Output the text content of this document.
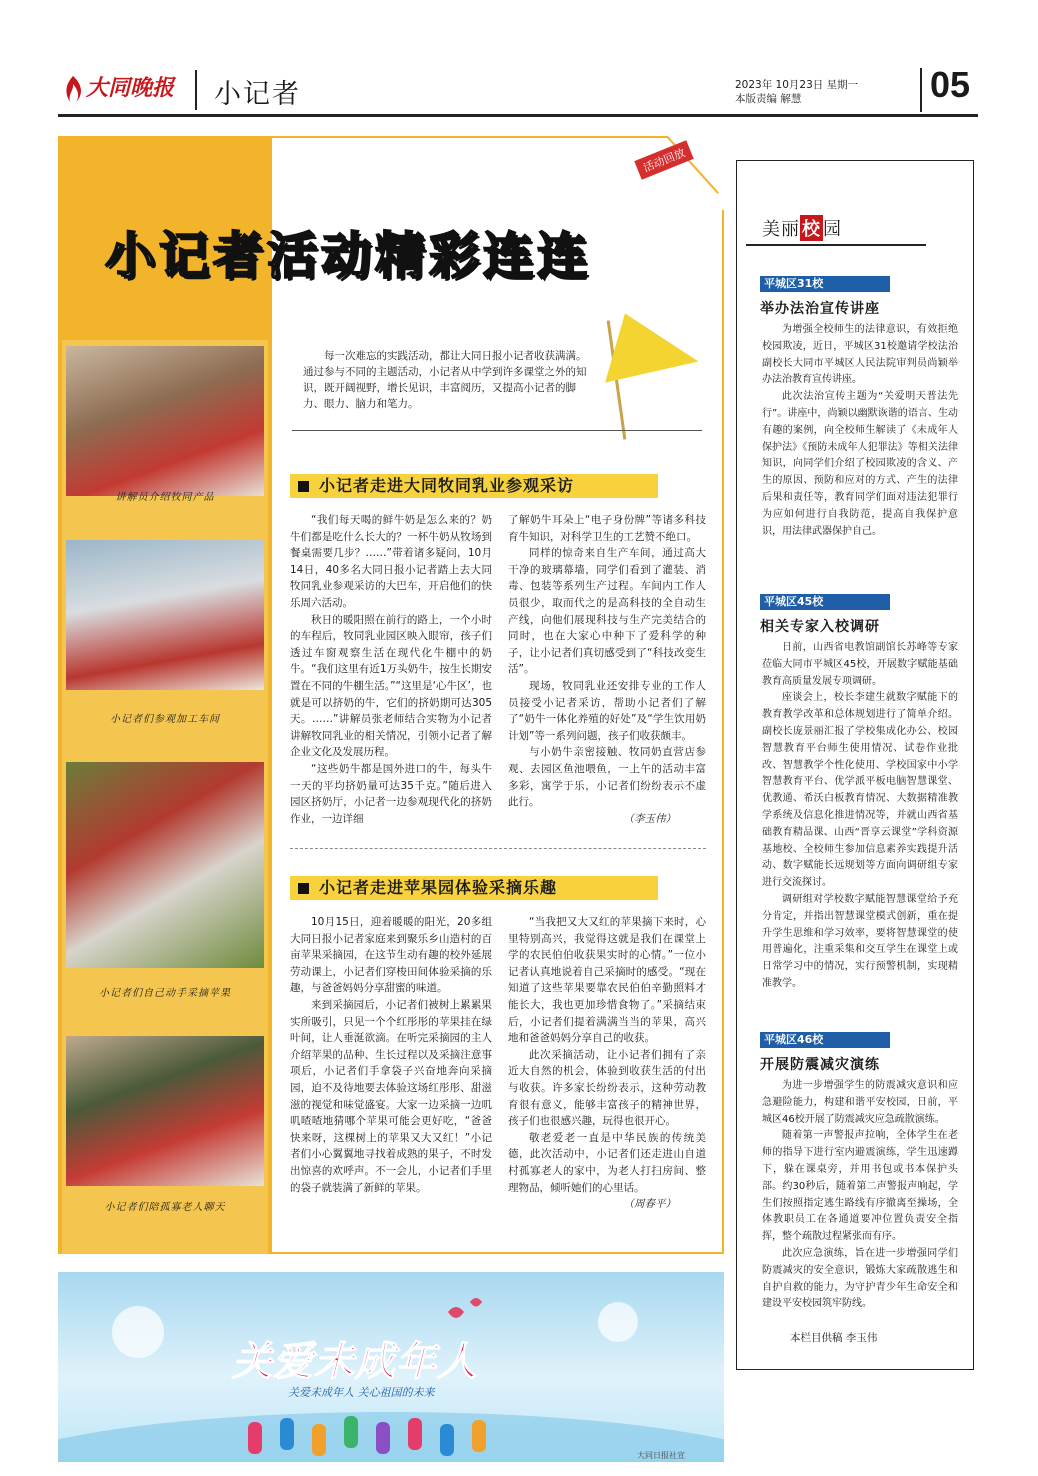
大同晚报 小记者	2023年 10月23日 星期一
本版责编 解慧	05
讲解员介绍牧同产品
小记者们参观加工车间
小记者们自己动手采摘苹果
小记者们陪孤寡老人聊天
活动回放
小记者活动精彩连连
每一次难忘的实践活动，都让大同日报小记者收获满满。通过参与不同的主题活动，小记者从中学到许多课堂之外的知识，既开阔视野，增长见识，丰富阅历，又提高小记者的脚力、眼力、脑力和笔力。
小记者走进大同牧同乳业参观采访

“我们每天喝的鲜牛奶是怎么来的？奶牛们都是吃什么长大的？一杯牛奶从牧场到餐桌需要几步？……”带着诸多疑问，10月14日，40多名大同日报小记者踏上去大同牧同乳业参观采访的大巴车，开启他们的快乐周六活动。

秋日的暖阳照在前行的路上，一个小时的车程后，牧同乳业园区映入眼帘，孩子们透过车窗观察生活在现代化牛棚中的奶牛。“我们这里有近1万头奶牛，按生长期安置在不同的牛棚生活。”“这里是‘心牛区’，也就是可以挤奶的牛，它们的挤奶期可达305天。……”讲解员张老师结合实物为小记者讲解牧同乳业的相关情况，引领小记者了解企业文化及发展历程。

“这些奶牛都是国外进口的牛，每头牛一天的平均挤奶量可达35千克。”随后进入园区挤奶厅，小记者一边参观现代化的挤奶作业，一边详细

了解奶牛耳朵上“电子身份牌”等诸多科技育牛知识，对科学卫生的工艺赞不绝口。

同样的惊奇来自生产车间，通过高大干净的玻璃幕墙，同学们看到了灌装、消毒、包装等系列生产过程。车间内工作人员很少，取而代之的是高科技的全自动生产线，向他们展现科技与生产完美结合的同时，也在大家心中种下了爱科学的种子，让小记者们真切感受到了“科技改变生活”。

现场，牧同乳业还安排专业的工作人员接受小记者采访，帮助小记者们了解了“奶牛一体化养殖的好处”及“学生饮用奶计划”等一系列问题，孩子们收获颇丰。

与小奶牛亲密接触、牧同奶直营店参观、去园区鱼池喂鱼，一上午的活动丰富多彩，寓学于乐，小记者们纷纷表示不虚此行。

（李玉伟）
小记者走进苹果园体验采摘乐趣

10月15日，迎着暖暖的阳光，20多组大同日报小记者家庭来到聚乐乡山造村的百亩苹果采摘园，在这节生动有趣的校外延展劳动课上，小记者们穿梭田间体验采摘的乐趣，与爸爸妈妈分享甜蜜的味道。

来到采摘园后，小记者们被树上累累果实所吸引，只见一个个红彤彤的苹果挂在绿叶间，让人垂涎欲滴。在听完采摘园的主人介绍苹果的品种、生长过程以及采摘注意事项后，小记者们手拿袋子兴奋地奔向采摘园，迫不及待地要去体验这场红彤彤、甜滋滋的视觉和味觉盛宴。大家一边采摘一边叽叽喳喳地猜哪个苹果可能会更好吃，“爸爸快来呀，这棵树上的苹果又大又红！”小记者们小心翼翼地寻找着成熟的果子，不时发出惊喜的欢呼声。不一会儿，小记者们手里的袋子就装满了新鲜的苹果。

“当我把又大又红的苹果摘下来时，心里特别高兴，我觉得这就是我们在课堂上学的农民伯伯收获果实时的心情。”一位小记者认真地说着自己采摘时的感受。“现在知道了这些苹果要靠农民伯伯辛勤照料才能长大，我也更加珍惜食物了。”采摘结束后，小记者们提着满满当当的苹果，高兴地和爸爸妈妈分享自己的收获。

此次采摘活动，让小记者们拥有了亲近大自然的机会，体验到收获生活的付出与收获。许多家长纷纷表示，这种劳动教育很有意义，能够丰富孩子的精神世界，孩子们也很感兴趣，玩得也很开心。

敬老爱老一直是中华民族的传统美德，此次活动中，小记者们还走进山自道村孤寡老人的家中，为老人打扫房间、整理物品，倾听她们的心里话。

（周春平）
美丽 校 园
平城区31校
举办法治宣传讲座

为增强全校师生的法律意识，有效拒绝校园欺凌，近日，平城区31校邀请学校法治副校长大同市平城区人民法院审判员尚颖举办法治教育宣传讲座。

此次法治宣传主题为“关爱明天普法先行”。讲座中，尚颖以幽默诙谐的语言、生动有趣的案例，向全校师生解读了《未成年人保护法》《预防未成年人犯罪法》等相关法律知识，向同学们介绍了校园欺凌的含义、产生的原因、预防和应对的方式、产生的法律后果和责任等，教育同学们面对违法犯罪行为应如何进行自我防范，提高自我保护意识，用法律武器保护自己。

平城区45校
相关专家入校调研

日前，山西省电教馆副馆长苏峰等专家莅临大同市平城区45校，开展数字赋能基础教育高质量发展专项调研。

座谈会上，校长李建生就数字赋能下的教育教学改革和总体规划进行了简单介绍。副校长庞景丽汇报了学校集成化办公、校园智慧教育平台师生使用情况、试卷作业批改、智慧教学个性化使用、学校国家中小学智慧教育平台、优学派平板电脑智慧课堂、优教通、希沃白板教育情况、大数据精准教学系统及信息化推进情况等，并就山西省基础教育精品课、山西“晋享云课堂”学科资源基地校、全校师生参加信息素养实践提升活动、数字赋能长远规划等方面向调研组专家进行交流探讨。

调研组对学校数字赋能智慧课堂给予充分肯定，并指出智慧课堂模式创新，重在提升学生思维和学习效率，要将智慧课堂的使用普遍化，注重采集和交互学生在课堂上或日常学习中的情况，实行预警机制，实现精准教学。

平城区46校
开展防震减灾演练

为进一步增强学生的防震减灾意识和应急避险能力，构建和谐平安校园，日前，平城区46校开展了防震减灾应急疏散演练。

随着第一声警报声拉响，全体学生在老师的指导下进行室内避震演练，学生迅速蹲下，躲在课桌旁，并用书包或书本保护头部。约30秒后，随着第二声警报声响起，学生们按照指定逃生路线有序撤离至操场，全体教职员工在各通道要冲位置负责安全指挥，整个疏散过程紧张而有序。

此次应急演练，旨在进一步增强同学们防震减灾的安全意识，锻炼大家疏散逃生和自护自救的能力，为守护青少年生命安全和建设平安校园筑牢防线。

本栏目供稿 李玉伟
关爱未成年人
关爱未成年人 关心祖国的未来
大同日报社宣
